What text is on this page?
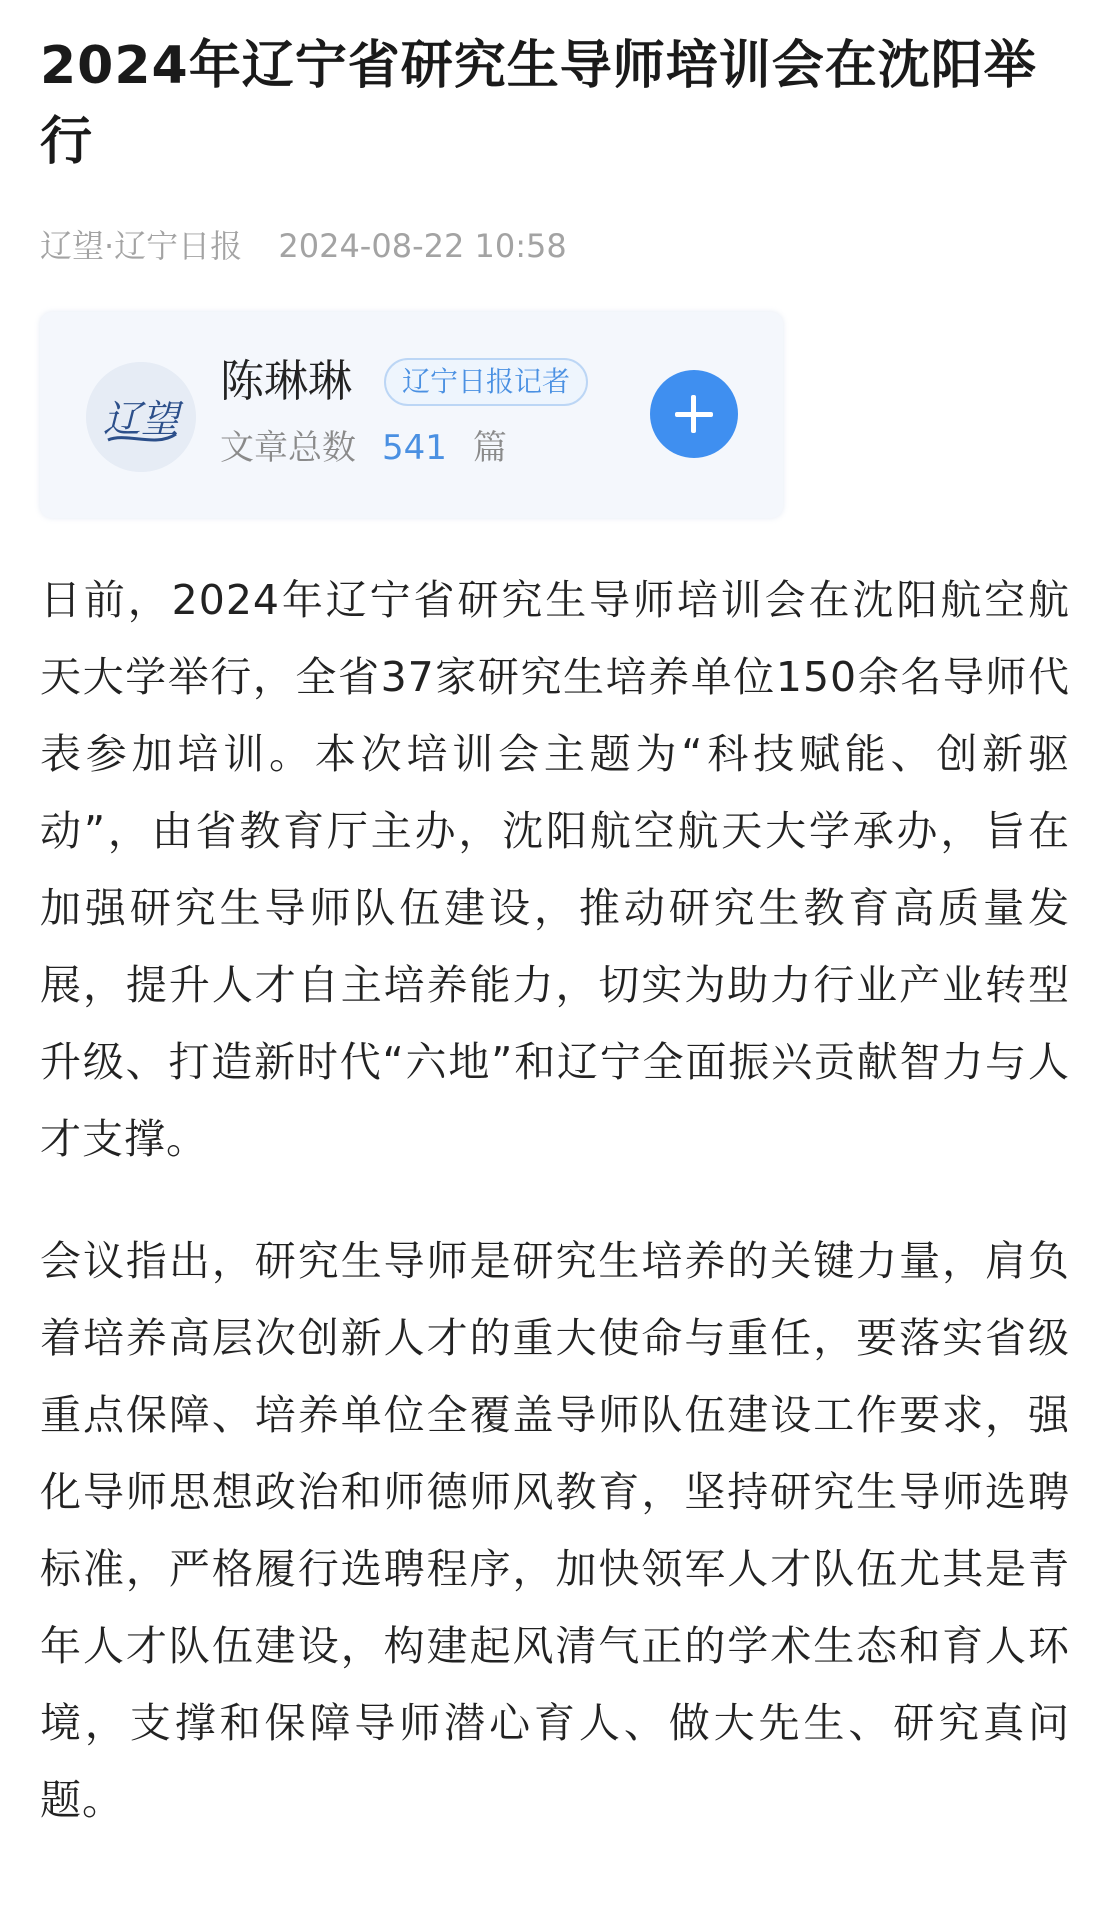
2024年辽宁省研究生导师培训会在沈阳举行
辽望·辽宁日报 2024-08-22 10:58
辽望
陈琳琳	辽宁日报记者
文章总数 541 篇

日前，2024年辽宁省研究生导师培训会在沈阳航空航天大学举行，全省37家研究生培养单位150余名导师代表参加培训。本次培训会主题为“科技赋能、创新驱动”，由省教育厅主办，沈阳航空航天大学承办，旨在加强研究生导师队伍建设，推动研究生教育高质量发展，提升人才自主培养能力，切实为助力行业产业转型升级、打造新时代“六地”和辽宁全面振兴贡献智力与人才支撑。

会议指出，研究生导师是研究生培养的关键力量，肩负着培养高层次创新人才的重大使命与重任，要落实省级重点保障、培养单位全覆盖导师队伍建设工作要求，强化导师思想政治和师德师风教育，坚持研究生导师选聘标准，严格履行选聘程序，加快领军人才队伍尤其是青年人才队伍建设，构建起风清气正的学术生态和育人环境，支撑和保障导师潜心育人、做大先生、研究真问题。
